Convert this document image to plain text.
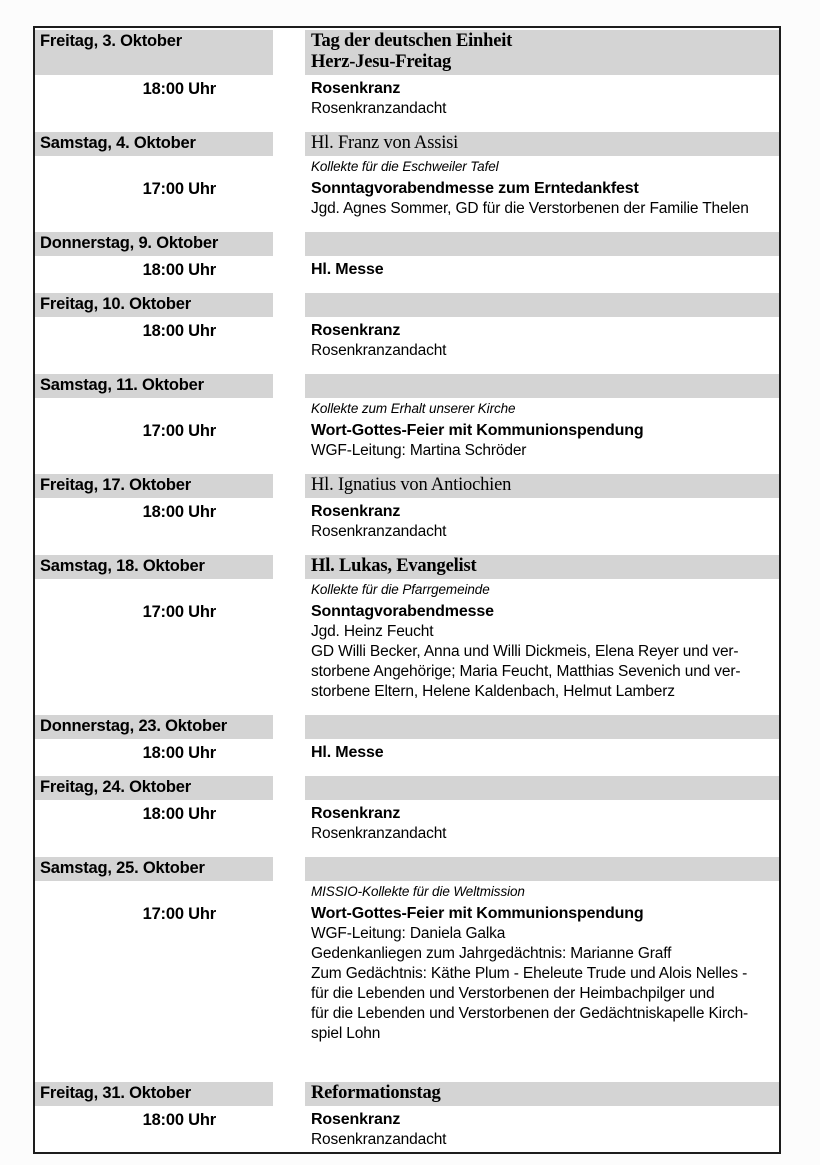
Freitag, 3. Oktober	Tag der deutschen Einheit
Herz-Jesu-Freitag
18:00 Uhr	Rosenkranz
Rosenkranzandacht
Samstag, 4. Oktober	Hl. Franz von Assisi
Kollekte für die Eschweiler Tafel
17:00 Uhr	Sonntagvorabendmesse zum Erntedankfest
Jgd. Agnes Sommer, GD für die Verstorbenen der Familie Thelen
Donnerstag, 9. Oktober
18:00 Uhr	Hl. Messe
Freitag, 10. Oktober
18:00 Uhr	Rosenkranz
Rosenkranzandacht
Samstag, 11. Oktober
Kollekte zum Erhalt unserer Kirche
17:00 Uhr	Wort-Gottes-Feier mit Kommunionspendung
WGF-Leitung: Martina Schröder
Freitag, 17. Oktober	Hl. Ignatius von Antiochien
18:00 Uhr	Rosenkranz
Rosenkranzandacht
Samstag, 18. Oktober	Hl. Lukas, Evangelist
Kollekte für die Pfarrgemeinde
17:00 Uhr	Sonntagvorabendmesse
Jgd. Heinz Feucht
GD Willi Becker, Anna und Willi Dickmeis, Elena Reyer und ver-
storbene Angehörige; Maria Feucht, Matthias Sevenich und ver-
storbene Eltern, Helene Kaldenbach, Helmut Lamberz
Donnerstag, 23. Oktober
18:00 Uhr	Hl. Messe
Freitag, 24. Oktober
18:00 Uhr	Rosenkranz
Rosenkranzandacht
Samstag, 25. Oktober
MISSIO-Kollekte für die Weltmission
17:00 Uhr	Wort-Gottes-Feier mit Kommunionspendung
WGF-Leitung: Daniela Galka
Gedenkanliegen zum Jahrgedächtnis: Marianne Graff
Zum Gedächtnis: Käthe Plum - Eheleute Trude und Alois Nelles -
für die Lebenden und Verstorbenen der Heimbachpilger und
für die Lebenden und Verstorbenen der Gedächtniskapelle Kirch-
spiel Lohn
Freitag, 31. Oktober	Reformationstag
18:00 Uhr	Rosenkranz
Rosenkranzandacht
